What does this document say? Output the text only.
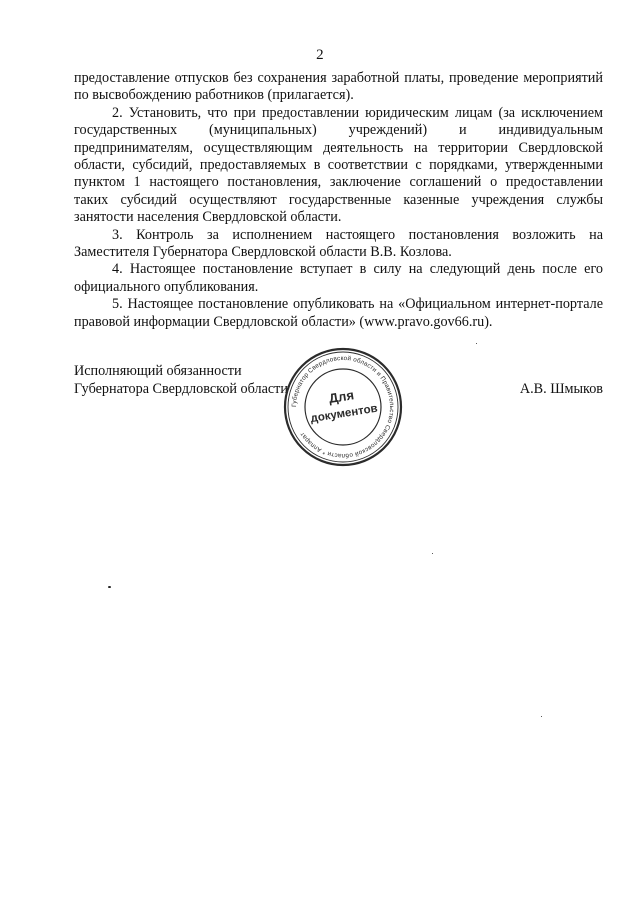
2

предоставление отпусков без сохранения заработной платы, проведение мероприятий по высвобождению работников (прилагается).

2. Установить, что при предоставлении юридическим лицам (за исключением государственных (муниципальных) учреждений) и индивидуальным предпринимателям, осуществляющим деятельность на территории Свердловской области, субсидий, предоставляемых в соответствии с порядками, утвержденными пунктом 1 настоящего постановления, заключение соглашений о предоставлении таких субсидий осуществляют государственные казенные учреждения службы занятости населения Свердловской области.

3. Контроль за исполнением настоящего постановления возложить на Заместителя Губернатора Свердловской области В.В. Козлова.

4. Настоящее постановление вступает в силу на следующий день после его официального опубликования.

5. Настоящее постановление опубликовать на «Официальном интернет-портале правовой информации Свердловской области» (www.pravo.gov66.ru).

Исполняющий обязанности
Губернатора Свердловской области	А.В. Шмыков
Губернатор Свердловской области и Правительство Свердловской области * Аппарат
Для
документов
